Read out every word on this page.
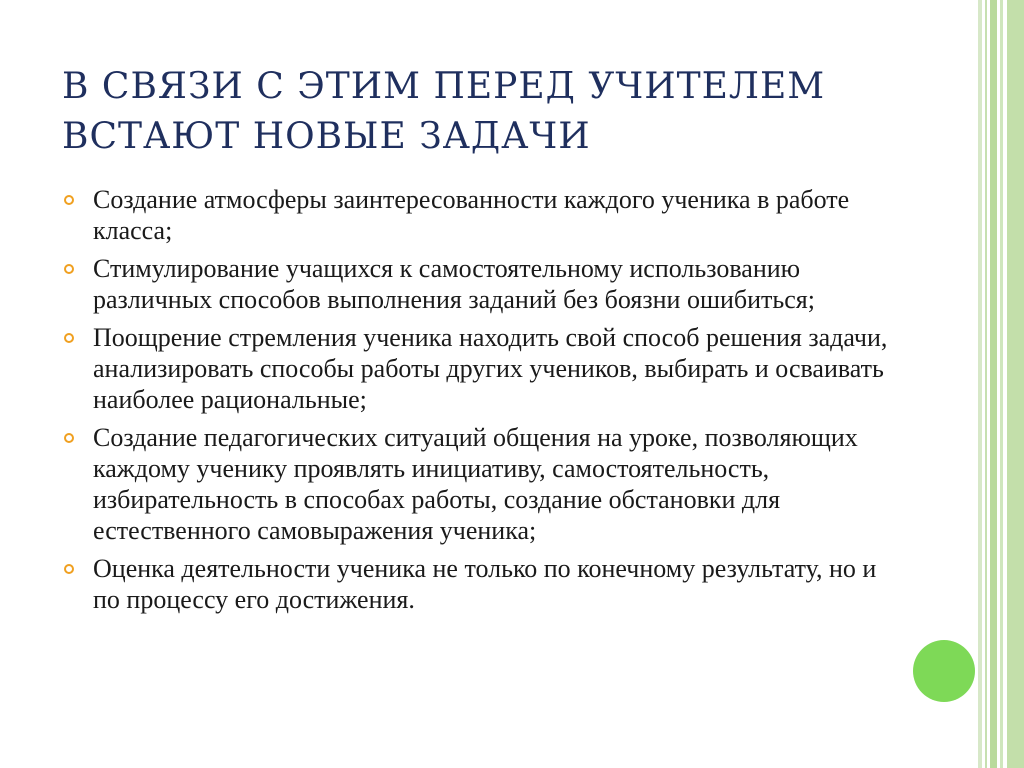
В СВЯЗИ С ЭТИМ ПЕРЕД УЧИТЕЛЕМ ВСТАЮТ НОВЫЕ ЗАДАЧИ
Создание атмосферы заинтересованности каждого ученика в работе класса;
Стимулирование учащихся к самостоятельному использованию различных способов выполнения заданий без боязни ошибиться;
Поощрение стремления ученика находить свой способ решения задачи, анализировать способы работы других учеников, выбирать и осваивать наиболее рациональные;
Создание педагогических ситуаций общения на уроке, позволяющих каждому ученику проявлять инициативу, самостоятельность, избирательность в способах работы, создание обстановки для естественного самовыражения ученика;
Оценка деятельности ученика не только по конечному результату, но и по процессу его достижения.
